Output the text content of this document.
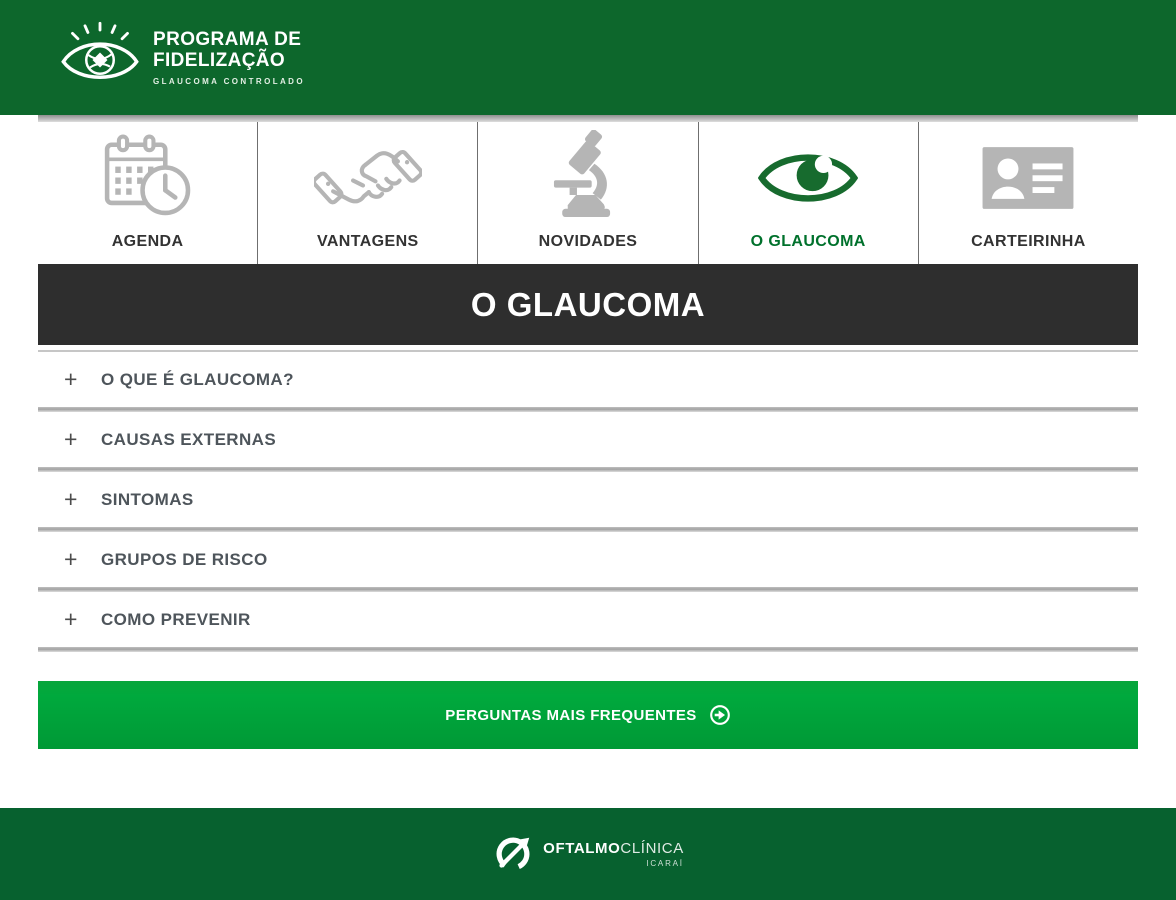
PROGRAMA DE
FIDELIZAÇÃO
GLAUCOMA CONTROLADO
AGENDA	VANTAGENS	NOVIDADES	O GLAUCOMA	CARTEIRINHA
O GLAUCOMA
+	O QUE É GLAUCOMA?
+	CAUSAS EXTERNAS
+	SINTOMAS
+	GRUPOS DE RISCO
+	COMO PREVENIR
PERGUNTAS MAIS FREQUENTES
OFTALMOCLÍNICA
ICARAÍ
